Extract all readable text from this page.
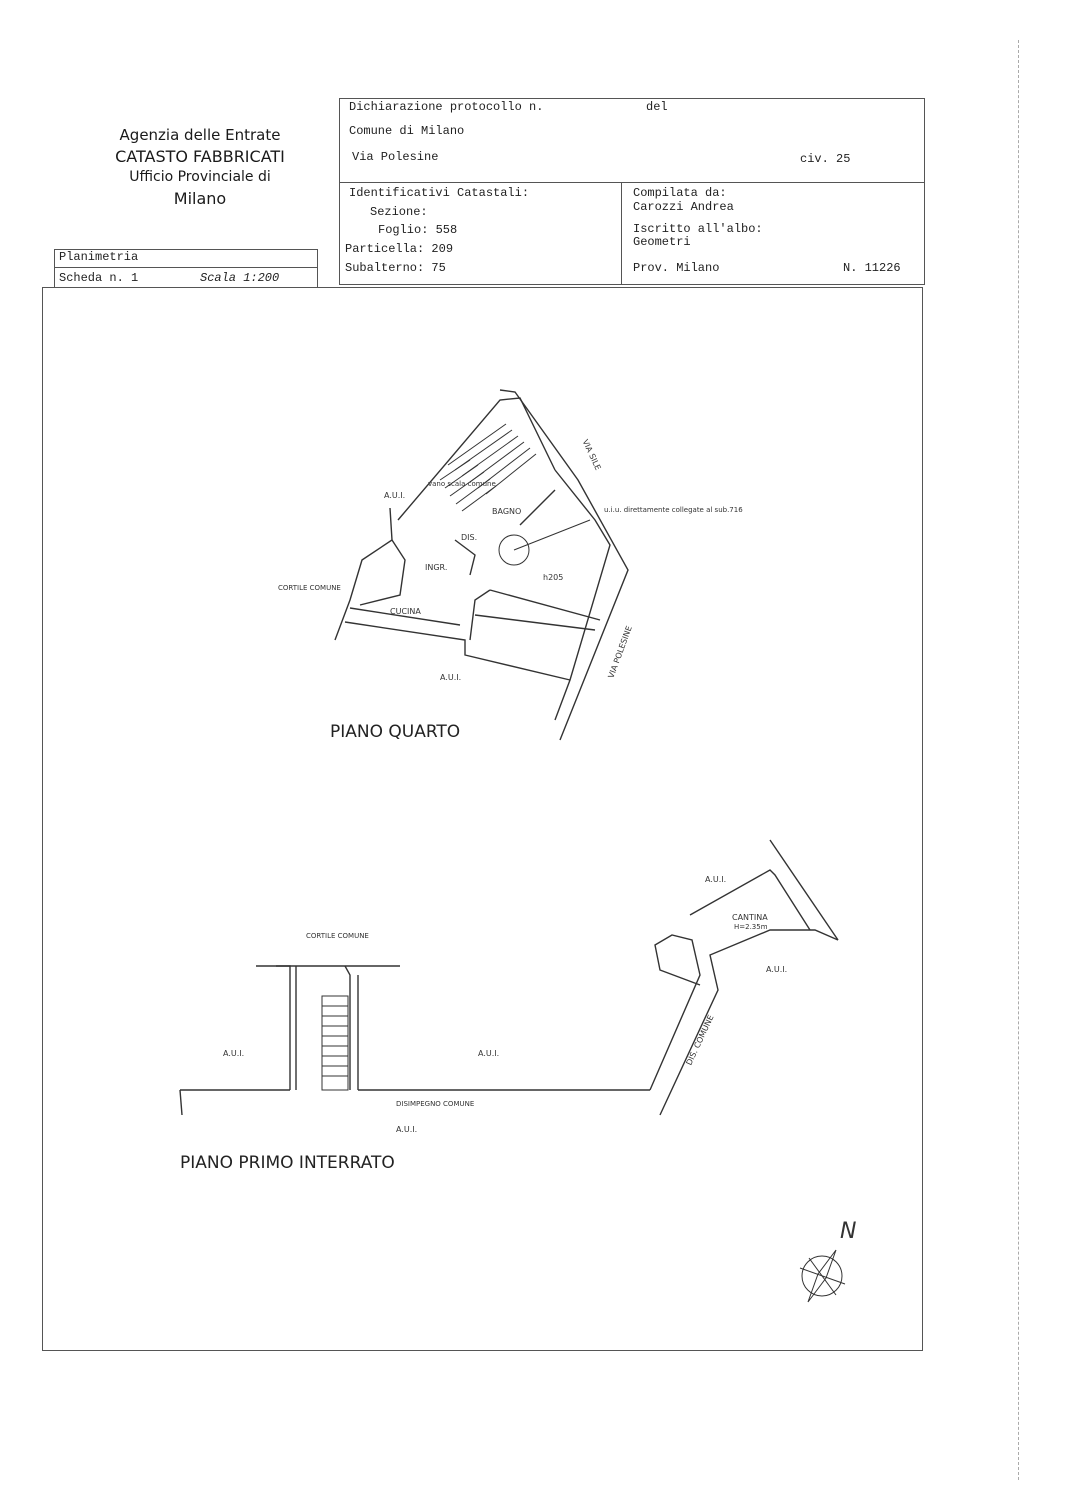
Agenzia delle Entrate
CATASTO FABBRICATI
Ufficio Provinciale di
Milano
Dichiarazione protocollo n.	del
Comune di Milano
Via Polesine	civ. 25
Identificativi Catastali:
Sezione:
Foglio: 558
Particella: 209
Subalterno: 75
Compilata da:
Carozzi Andrea
Iscritto all'albo:
Geometri
Prov. Milano	N. 11226
Planimetria
Scheda n. 1	Scala 1:200
A.U.I.
vano scala comune
BAGNO
DIS.
INGR.
h205
CUCINA
CORTILE COMUNE
A.U.I.
VIA SILE
VIA POLESINE
u.i.u. direttamente collegate al sub.716
CORTILE COMUNE
A.U.I.	A.U.I.
A.U.I.
A.U.I.
CANTINA
H=2.35m
DIS. COMUNE
DISIMPEGNO COMUNE
A.U.I.
N
PIANO QUARTO
PIANO PRIMO INTERRATO
